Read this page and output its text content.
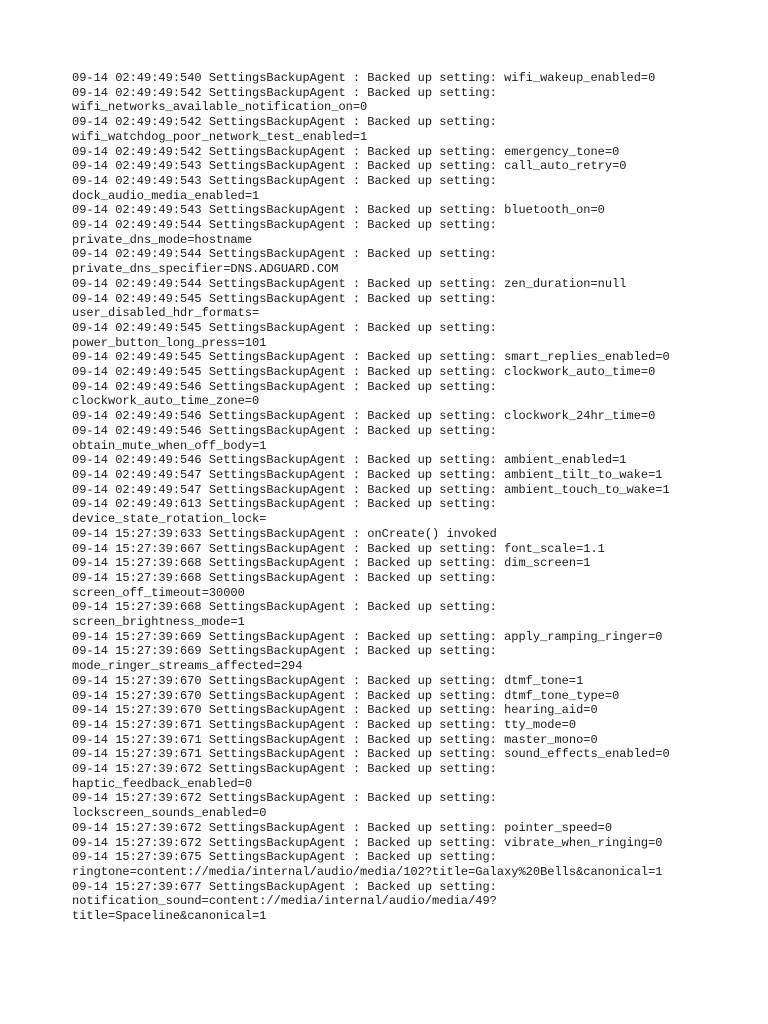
09-14 02:49:49:540 SettingsBackupAgent : Backed up setting: wifi_wakeup_enabled=0
09-14 02:49:49:542 SettingsBackupAgent : Backed up setting:
wifi_networks_available_notification_on=0
09-14 02:49:49:542 SettingsBackupAgent : Backed up setting:
wifi_watchdog_poor_network_test_enabled=1
09-14 02:49:49:542 SettingsBackupAgent : Backed up setting: emergency_tone=0
09-14 02:49:49:543 SettingsBackupAgent : Backed up setting: call_auto_retry=0
09-14 02:49:49:543 SettingsBackupAgent : Backed up setting:
dock_audio_media_enabled=1
09-14 02:49:49:543 SettingsBackupAgent : Backed up setting: bluetooth_on=0
09-14 02:49:49:544 SettingsBackupAgent : Backed up setting:
private_dns_mode=hostname
09-14 02:49:49:544 SettingsBackupAgent : Backed up setting:
private_dns_specifier=DNS.ADGUARD.COM
09-14 02:49:49:544 SettingsBackupAgent : Backed up setting: zen_duration=null
09-14 02:49:49:545 SettingsBackupAgent : Backed up setting:
user_disabled_hdr_formats=
09-14 02:49:49:545 SettingsBackupAgent : Backed up setting:
power_button_long_press=101
09-14 02:49:49:545 SettingsBackupAgent : Backed up setting: smart_replies_enabled=0
09-14 02:49:49:545 SettingsBackupAgent : Backed up setting: clockwork_auto_time=0
09-14 02:49:49:546 SettingsBackupAgent : Backed up setting:
clockwork_auto_time_zone=0
09-14 02:49:49:546 SettingsBackupAgent : Backed up setting: clockwork_24hr_time=0
09-14 02:49:49:546 SettingsBackupAgent : Backed up setting:
obtain_mute_when_off_body=1
09-14 02:49:49:546 SettingsBackupAgent : Backed up setting: ambient_enabled=1
09-14 02:49:49:547 SettingsBackupAgent : Backed up setting: ambient_tilt_to_wake=1
09-14 02:49:49:547 SettingsBackupAgent : Backed up setting: ambient_touch_to_wake=1
09-14 02:49:49:613 SettingsBackupAgent : Backed up setting:
device_state_rotation_lock=
09-14 15:27:39:633 SettingsBackupAgent : onCreate() invoked
09-14 15:27:39:667 SettingsBackupAgent : Backed up setting: font_scale=1.1
09-14 15:27:39:668 SettingsBackupAgent : Backed up setting: dim_screen=1
09-14 15:27:39:668 SettingsBackupAgent : Backed up setting:
screen_off_timeout=30000
09-14 15:27:39:668 SettingsBackupAgent : Backed up setting:
screen_brightness_mode=1
09-14 15:27:39:669 SettingsBackupAgent : Backed up setting: apply_ramping_ringer=0
09-14 15:27:39:669 SettingsBackupAgent : Backed up setting:
mode_ringer_streams_affected=294
09-14 15:27:39:670 SettingsBackupAgent : Backed up setting: dtmf_tone=1
09-14 15:27:39:670 SettingsBackupAgent : Backed up setting: dtmf_tone_type=0
09-14 15:27:39:670 SettingsBackupAgent : Backed up setting: hearing_aid=0
09-14 15:27:39:671 SettingsBackupAgent : Backed up setting: tty_mode=0
09-14 15:27:39:671 SettingsBackupAgent : Backed up setting: master_mono=0
09-14 15:27:39:671 SettingsBackupAgent : Backed up setting: sound_effects_enabled=0
09-14 15:27:39:672 SettingsBackupAgent : Backed up setting:
haptic_feedback_enabled=0
09-14 15:27:39:672 SettingsBackupAgent : Backed up setting:
lockscreen_sounds_enabled=0
09-14 15:27:39:672 SettingsBackupAgent : Backed up setting: pointer_speed=0
09-14 15:27:39:672 SettingsBackupAgent : Backed up setting: vibrate_when_ringing=0
09-14 15:27:39:675 SettingsBackupAgent : Backed up setting:
ringtone=content://media/internal/audio/media/102?title=Galaxy%20Bells&canonical=1
09-14 15:27:39:677 SettingsBackupAgent : Backed up setting:
notification_sound=content://media/internal/audio/media/49?
title=Spaceline&canonical=1
